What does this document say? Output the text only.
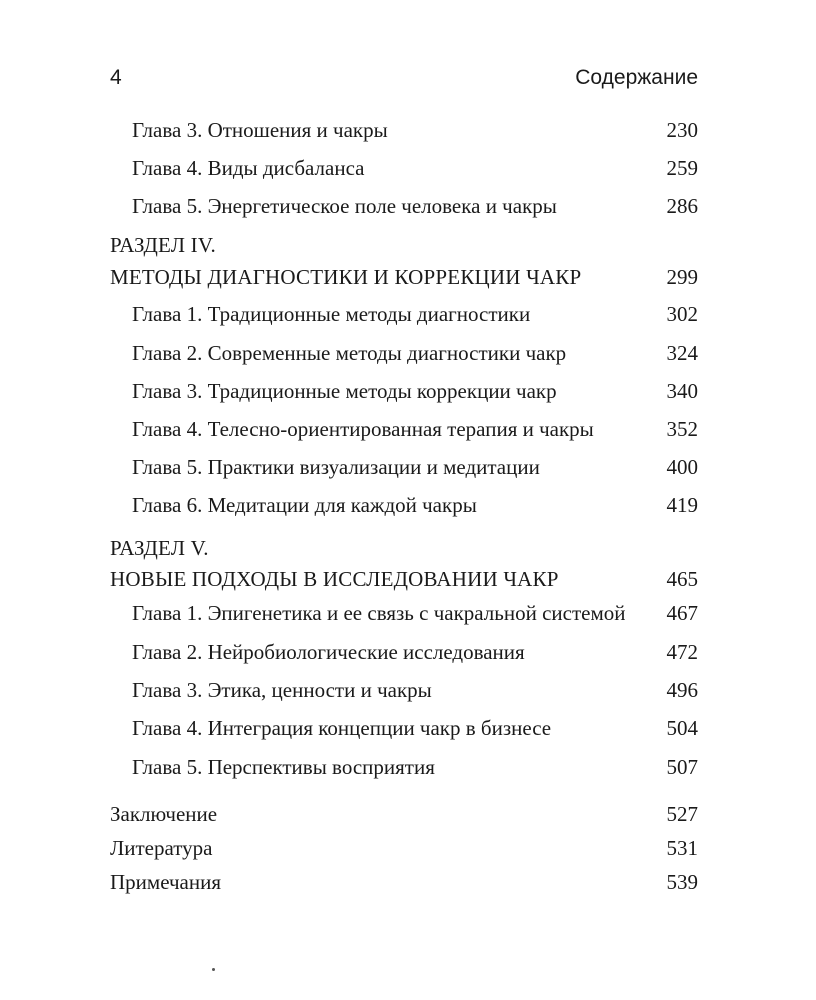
4	Содержание
Глава 3. Отношения и чакры	230
Глава 4. Виды дисбаланса	259
Глава 5. Энергетическое поле человека и чакры	286
РАЗДЕЛ IV.
МЕТОДЫ ДИАГНОСТИКИ И КОРРЕКЦИИ ЧАКР	299
Глава 1. Традиционные методы диагностики	302
Глава 2. Современные методы диагностики чакр	324
Глава 3. Традиционные методы коррекции чакр	340
Глава 4. Телесно-ориентированная терапия и чакры	352
Глава 5. Практики визуализации и медитации	400
Глава 6. Медитации для каждой чакры	419
РАЗДЕЛ V.
НОВЫЕ ПОДХОДЫ В ИССЛЕДОВАНИИ ЧАКР	465
Глава 1. Эпигенетика и ее связь с чакральной системой 467
Глава 2. Нейробиологические исследования	472
Глава 3. Этика, ценности и чакры	496
Глава 4. Интеграция концепции чакр в бизнесе	504
Глава 5. Перспективы восприятия	507
Заключение	527
Литература	531
Примечания	539
